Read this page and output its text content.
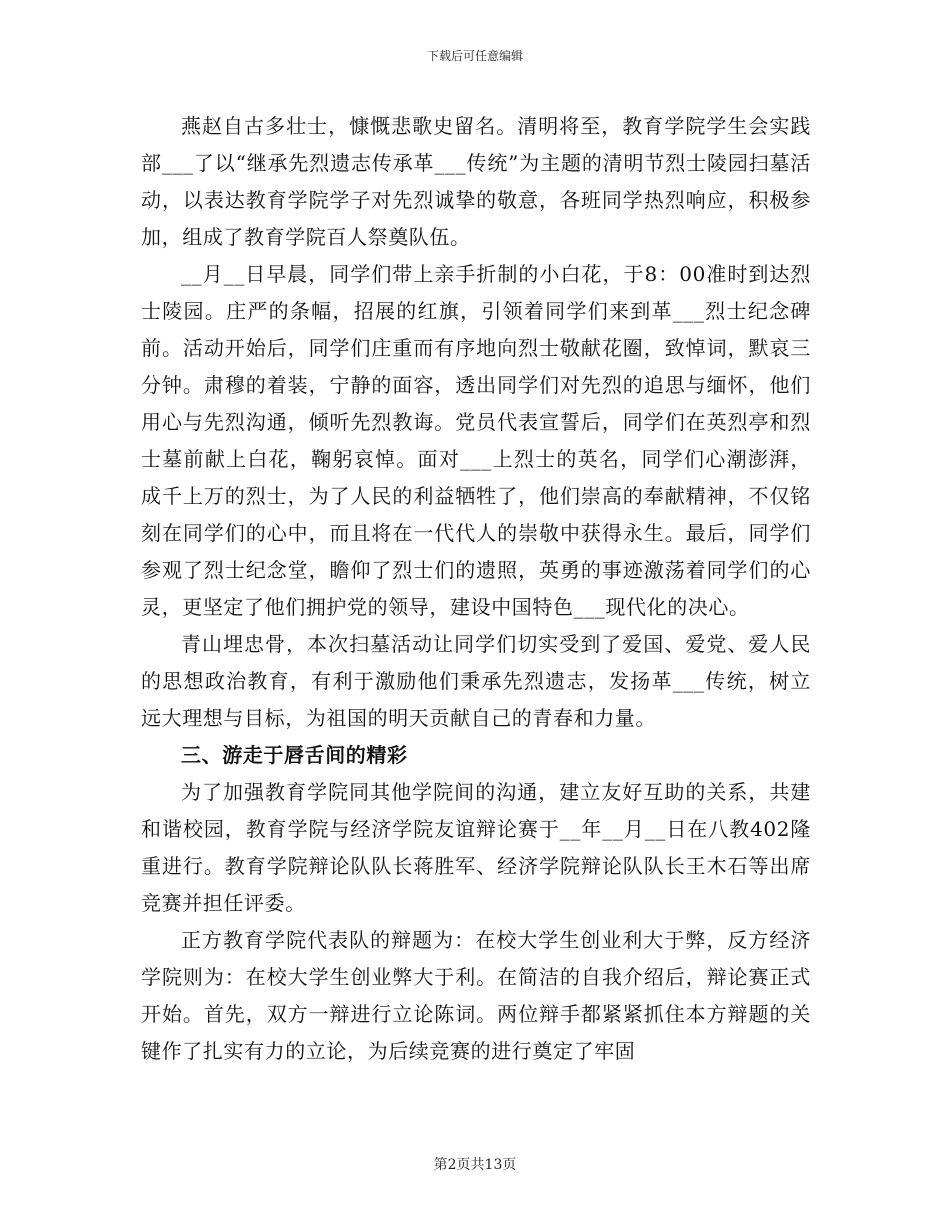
下载后可任意编辑

燕赵自古多壮士，慷慨悲歌史留名。清明将至，教育学院学生会实践部___了以“继承先烈遗志传承革___传统”为主题的清明节烈士陵园扫墓活动，以表达教育学院学子对先烈诚挚的敬意，各班同学热烈响应，积极参加，组成了教育学院百人祭奠队伍。

__月__日早晨，同学们带上亲手折制的小白花，于8：00准时到达烈士陵园。庄严的条幅，招展的红旗，引领着同学们来到革___烈士纪念碑前。活动开始后，同学们庄重而有序地向烈士敬献花圈，致悼词，默哀三分钟。肃穆的着装，宁静的面容，透出同学们对先烈的追思与缅怀，他们用心与先烈沟通，倾听先烈教诲。党员代表宣誓后，同学们在英烈亭和烈士墓前献上白花，鞠躬哀悼。面对___上烈士的英名，同学们心潮澎湃，成千上万的烈士，为了人民的利益牺牲了，他们崇高的奉献精神，不仅铭刻在同学们的心中，而且将在一代代人的崇敬中获得永生。最后，同学们参观了烈士纪念堂，瞻仰了烈士们的遗照，英勇的事迹激荡着同学们的心灵，更坚定了他们拥护党的领导，建设中国特色___现代化的决心。

青山埋忠骨，本次扫墓活动让同学们切实受到了爱国、爱党、爱人民的思想政治教育，有利于激励他们秉承先烈遗志，发扬革___传统，树立远大理想与目标，为祖国的明天贡献自己的青春和力量。

三、游走于唇舌间的精彩

为了加强教育学院同其他学院间的沟通，建立友好互助的关系，共建和谐校园，教育学院与经济学院友谊辩论赛于__年__月__日在八教402隆重进行。教育学院辩论队队长蒋胜军、经济学院辩论队队长王木石等出席竞赛并担任评委。

正方教育学院代表队的辩题为：在校大学生创业利大于弊，反方经济学院则为：在校大学生创业弊大于利。在简洁的自我介绍后，辩论赛正式开始。首先，双方一辩进行立论陈词。两位辩手都紧紧抓住本方辩题的关键作了扎实有力的立论，为后续竞赛的进行奠定了牢固

第2页共13页
